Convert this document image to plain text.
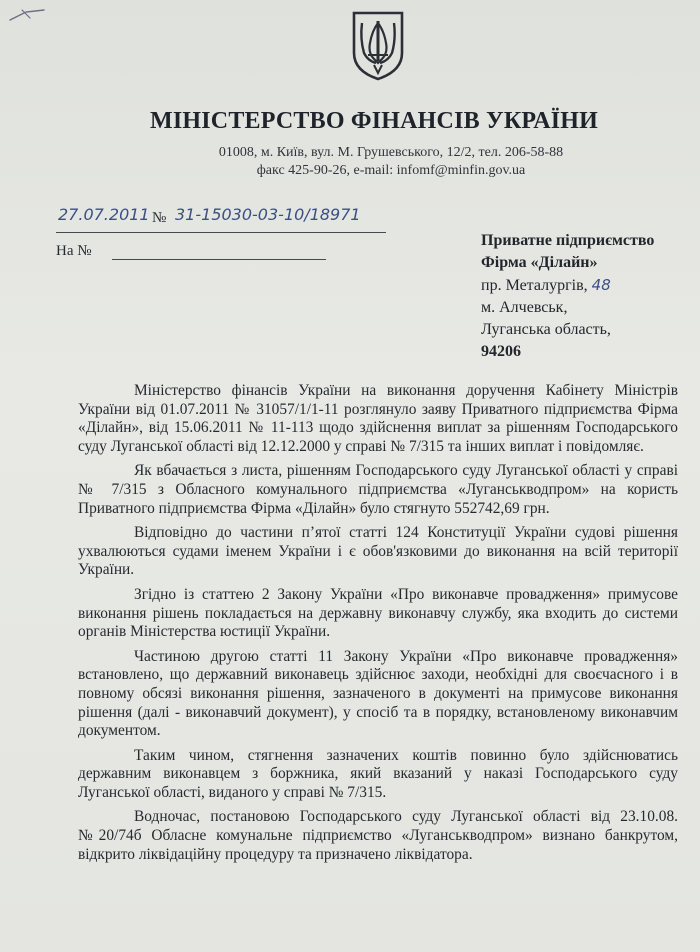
МІНІСТЕРСТВО ФІНАНСІВ УКРАЇНИ
01008, м. Київ, вул. М. Грушевського, 12/2, тел. 206-58-88
факс 425-90-26, e-mail: infomf@minfin.gov.ua
27.07.2011 № 31-15030-03-10/18971
На №
Приватне підприємство
Фірма «Ділайн»
пр. Металургів, 48
м. Алчевськ,
Луганська область,
94206

Міністерство фінансів України на виконання доручення Кабінету Міністрів України від 01.07.2011 № 31057/1/1-11 розглянуло заяву Приватного підприємства Фірма «Ділайн», від 15.06.2011 № 11-113 щодо здійснення виплат за рішенням Господарського суду Луганської області від 12.12.2000 у справі № 7/315 та інших виплат і повідомляє.

Як вбачається з листа, рішенням Господарського суду Луганської області у справі № 7/315 з Обласного комунального підприємства «Луганськводпром» на користь Приватного підприємства Фірма «Ділайн» було стягнуто 552742,69 грн.

Відповідно до частини п’ятої статті 124 Конституції України судові рішення ухвалюються судами іменем України і є обов'язковими до виконання на всій території України.

Згідно із статтею 2 Закону України «Про виконавче провадження» примусове виконання рішень покладається на державну виконавчу службу, яка входить до системи органів Міністерства юстиції України.

Частиною другою статті 11 Закону України «Про виконавче провадження» встановлено, що державний виконавець здійснює заходи, необхідні для своєчасного і в повному обсязі виконання рішення, зазначеного в документі на примусове виконання рішення (далі - виконавчий документ), у спосіб та в порядку, встановленому виконавчим документом.

Таким чином, стягнення зазначених коштів повинно було здійснюватись державним виконавцем з боржника, який вказаний у наказі Господарського суду Луганської області, виданого у справі № 7/315.

Водночас, постановою Господарського суду Луганської області від 23.10.08. №20/74б Обласне комунальне підприємство «Луганськводпром» визнано банкрутом, відкрито ліквідаційну процедуру та призначено ліквідатора.
